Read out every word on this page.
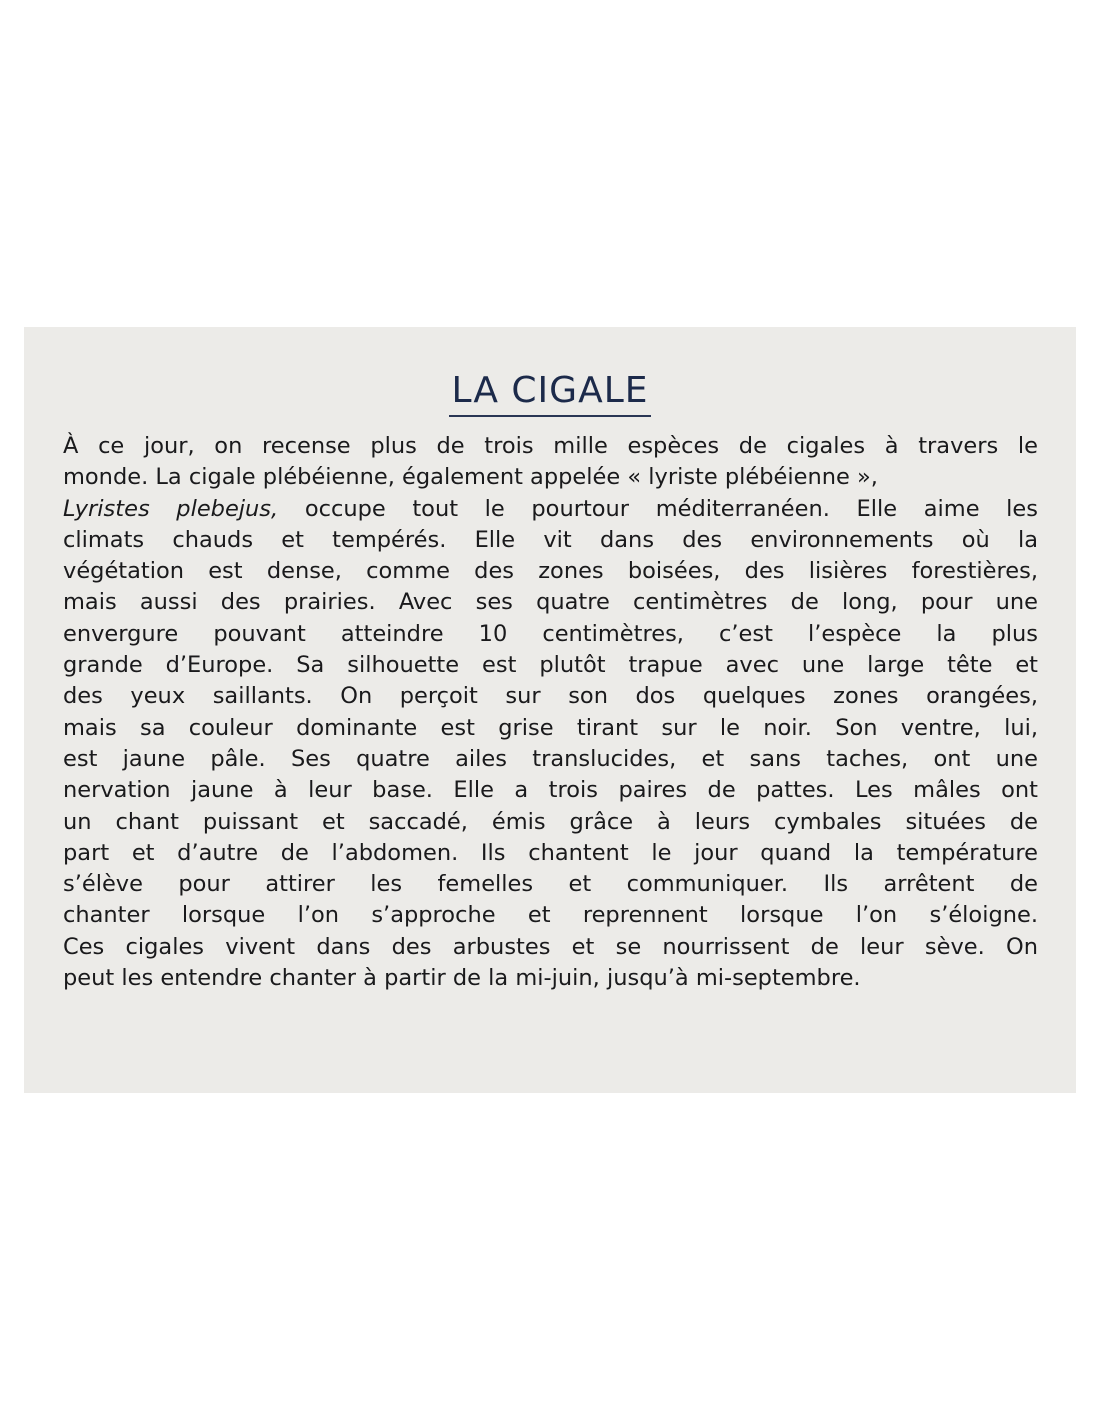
LA CIGALE
À ce jour, on recense plus de trois mille espèces de cigales à travers le
monde. La cigale plébéienne, également appelée « lyriste plébéienne »,
Lyristes plebejus, occupe tout le pourtour méditerranéen. Elle aime les
climats chauds et tempérés. Elle vit dans des environnements où la
végétation est dense, comme des zones boisées, des lisières forestières,
mais aussi des prairies. Avec ses quatre centimètres de long, pour une
envergure pouvant atteindre 10 centimètres, c’est l’espèce la plus
grande d’Europe. Sa silhouette est plutôt trapue avec une large tête et
des yeux saillants. On perçoit sur son dos quelques zones orangées,
mais sa couleur dominante est grise tirant sur le noir. Son ventre, lui,
est jaune pâle. Ses quatre ailes translucides, et sans taches, ont une
nervation jaune à leur base. Elle a trois paires de pattes. Les mâles ont
un chant puissant et saccadé, émis grâce à leurs cymbales situées de
part et d’autre de l’abdomen. Ils chantent le jour quand la température
s’élève pour attirer les femelles et communiquer. Ils arrêtent de
chanter lorsque l’on s’approche et reprennent lorsque l’on s’éloigne.
Ces cigales vivent dans des arbustes et se nourrissent de leur sève. On
peut les entendre chanter à partir de la mi-juin, jusqu’à mi-septembre.
